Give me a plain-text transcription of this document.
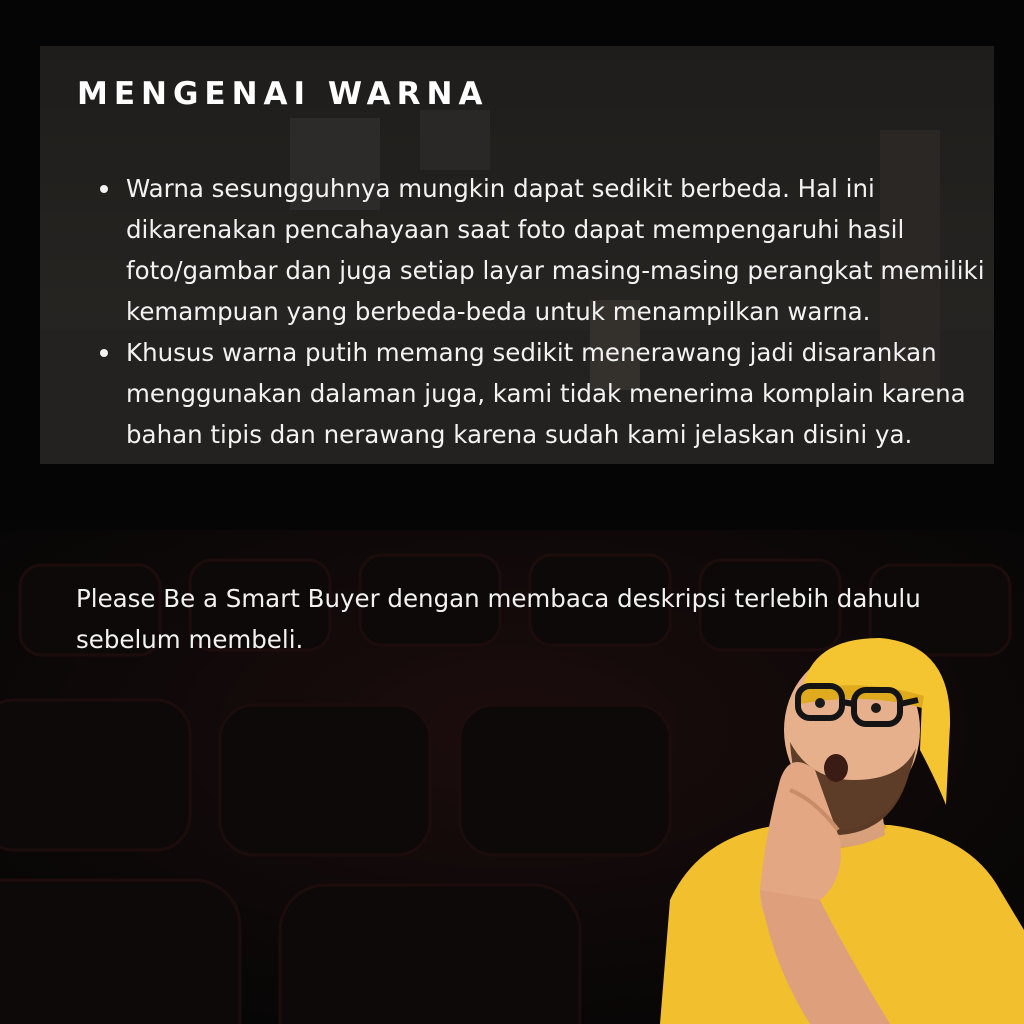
MENGENAI WARNA
Warna sesungguhnya mungkin dapat sedikit berbeda. Hal ini dikarenakan pencahayaan saat foto dapat mempengaruhi hasil foto/gambar dan juga setiap layar masing-masing perangkat memiliki kemampuan yang berbeda-beda untuk menampilkan warna.
Khusus warna putih memang sedikit menerawang jadi disarankan menggunakan dalaman juga, kami tidak menerima komplain karena bahan tipis dan nerawang karena sudah kami jelaskan disini ya.

Please Be a Smart Buyer dengan membaca deskripsi terlebih dahulu sebelum membeli.
